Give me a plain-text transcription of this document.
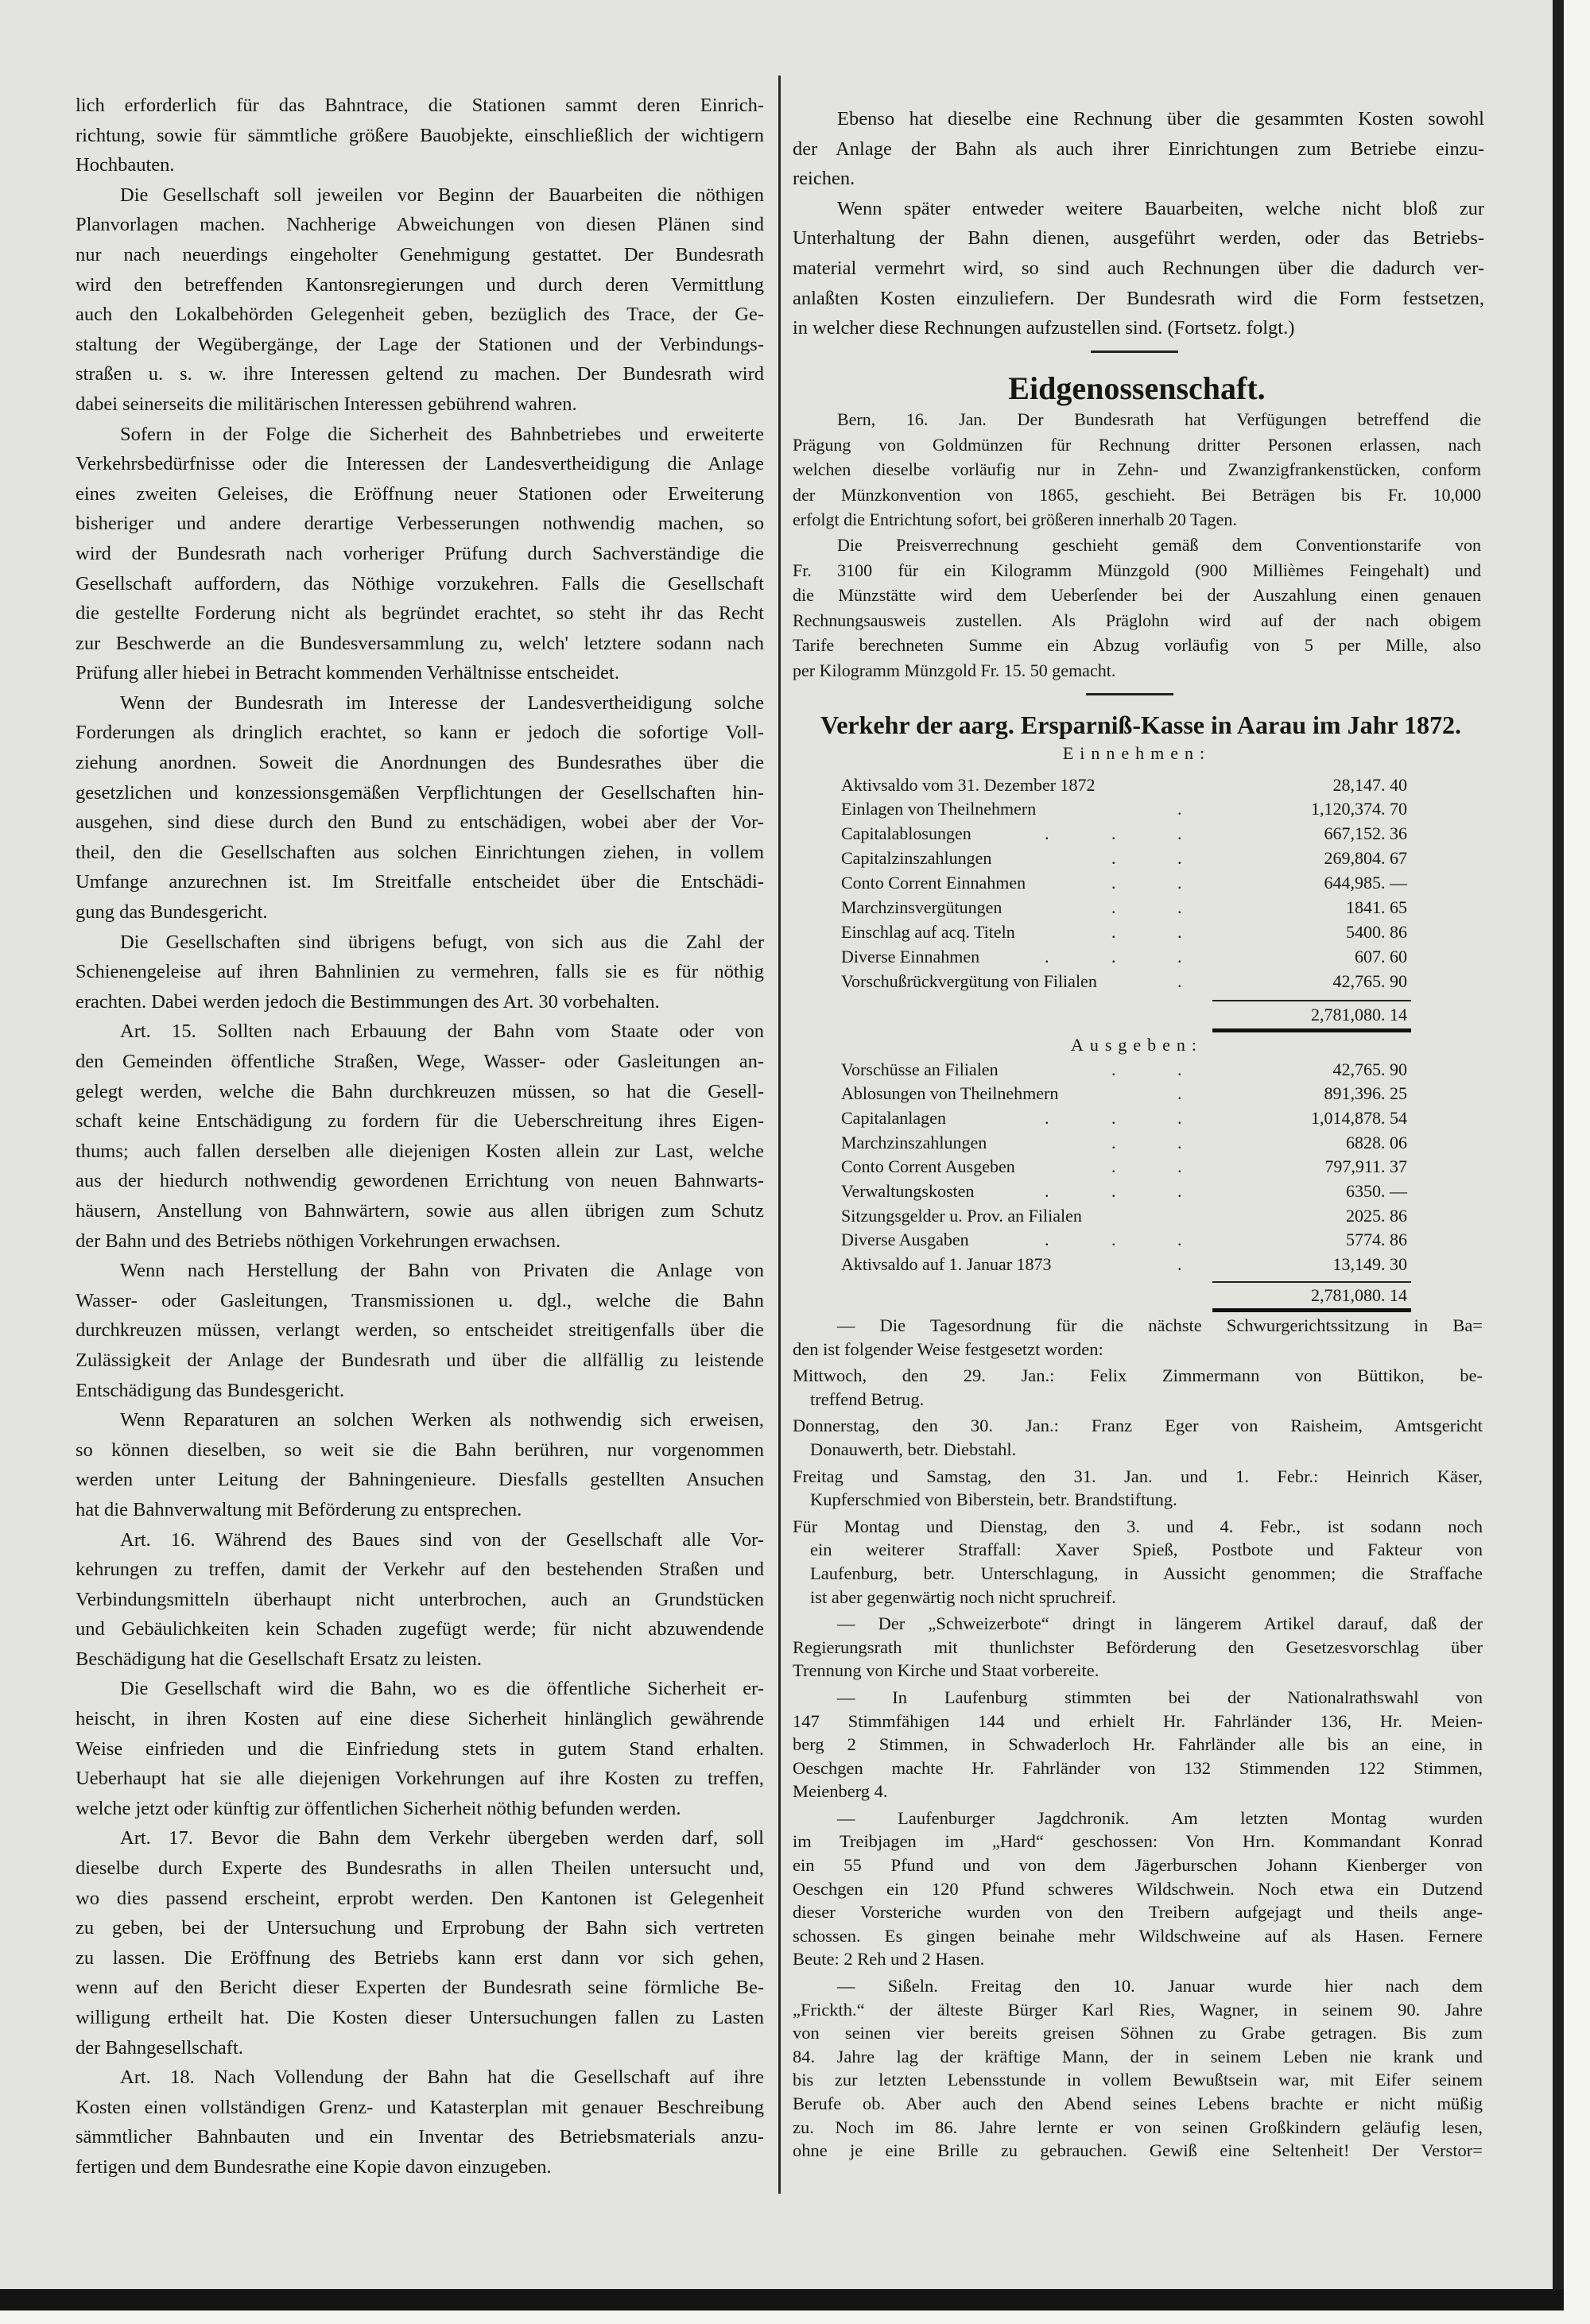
lich erforderlich für das Bahntrace, die Stationen sammt deren Einrich-
richtung, sowie für sämmtliche größere Bauobjekte, einschließlich der wichtigern
Hochbauten.
Die Gesellschaft soll jeweilen vor Beginn der Bauarbeiten die nöthigen
Planvorlagen machen. Nachherige Abweichungen von diesen Plänen sind
nur nach neuerdings eingeholter Genehmigung gestattet. Der Bundesrath
wird den betreffenden Kantonsregierungen und durch deren Vermittlung
auch den Lokalbehörden Gelegenheit geben, bezüglich des Trace, der Ge-
staltung der Wegübergänge, der Lage der Stationen und der Verbindungs-
straßen u. s. w. ihre Interessen geltend zu machen. Der Bundesrath wird
dabei seinerseits die militärischen Interessen gebührend wahren.
Sofern in der Folge die Sicherheit des Bahnbetriebes und erweiterte
Verkehrsbedürfnisse oder die Interessen der Landesvertheidigung die Anlage
eines zweiten Geleises, die Eröffnung neuer Stationen oder Erweiterung
bisheriger und andere derartige Verbesserungen nothwendig machen, so
wird der Bundesrath nach vorheriger Prüfung durch Sachverständige die
Gesellschaft auffordern, das Nöthige vorzukehren. Falls die Gesellschaft
die gestellte Forderung nicht als begründet erachtet, so steht ihr das Recht
zur Beschwerde an die Bundesversammlung zu, welch' letztere sodann nach
Prüfung aller hiebei in Betracht kommenden Verhältnisse entscheidet.
Wenn der Bundesrath im Interesse der Landesvertheidigung solche
Forderungen als dringlich erachtet, so kann er jedoch die sofortige Voll-
ziehung anordnen. Soweit die Anordnungen des Bundesrathes über die
gesetzlichen und konzessionsgemäßen Verpflichtungen der Gesellschaften hin-
ausgehen, sind diese durch den Bund zu entschädigen, wobei aber der Vor-
theil, den die Gesellschaften aus solchen Einrichtungen ziehen, in vollem
Umfange anzurechnen ist. Im Streitfalle entscheidet über die Entschädi-
gung das Bundesgericht.
Die Gesellschaften sind übrigens befugt, von sich aus die Zahl der
Schienengeleise auf ihren Bahnlinien zu vermehren, falls sie es für nöthig
erachten. Dabei werden jedoch die Bestimmungen des Art. 30 vorbehalten.
Art. 15. Sollten nach Erbauung der Bahn vom Staate oder von
den Gemeinden öffentliche Straßen, Wege, Wasser- oder Gasleitungen an-
gelegt werden, welche die Bahn durchkreuzen müssen, so hat die Gesell-
schaft keine Entschädigung zu fordern für die Ueberschreitung ihres Eigen-
thums; auch fallen derselben alle diejenigen Kosten allein zur Last, welche
aus der hiedurch nothwendig gewordenen Errichtung von neuen Bahnwarts-
häusern, Anstellung von Bahnwärtern, sowie aus allen übrigen zum Schutz
der Bahn und des Betriebs nöthigen Vorkehrungen erwachsen.
Wenn nach Herstellung der Bahn von Privaten die Anlage von
Wasser- oder Gasleitungen, Transmissionen u. dgl., welche die Bahn
durchkreuzen müssen, verlangt werden, so entscheidet streitigenfalls über die
Zulässigkeit der Anlage der Bundesrath und über die allfällig zu leistende
Entschädigung das Bundesgericht.
Wenn Reparaturen an solchen Werken als nothwendig sich erweisen,
so können dieselben, so weit sie die Bahn berühren, nur vorgenommen
werden unter Leitung der Bahningenieure. Diesfalls gestellten Ansuchen
hat die Bahnverwaltung mit Beförderung zu entsprechen.
Art. 16. Während des Baues sind von der Gesellschaft alle Vor-
kehrungen zu treffen, damit der Verkehr auf den bestehenden Straßen und
Verbindungsmitteln überhaupt nicht unterbrochen, auch an Grundstücken
und Gebäulichkeiten kein Schaden zugefügt werde; für nicht abzuwendende
Beschädigung hat die Gesellschaft Ersatz zu leisten.
Die Gesellschaft wird die Bahn, wo es die öffentliche Sicherheit er-
heischt, in ihren Kosten auf eine diese Sicherheit hinlänglich gewährende
Weise einfrieden und die Einfriedung stets in gutem Stand erhalten.
Ueberhaupt hat sie alle diejenigen Vorkehrungen auf ihre Kosten zu treffen,
welche jetzt oder künftig zur öffentlichen Sicherheit nöthig befunden werden.
Art. 17. Bevor die Bahn dem Verkehr übergeben werden darf, soll
dieselbe durch Experte des Bundesraths in allen Theilen untersucht und,
wo dies passend erscheint, erprobt werden. Den Kantonen ist Gelegenheit
zu geben, bei der Untersuchung und Erprobung der Bahn sich vertreten
zu lassen. Die Eröffnung des Betriebs kann erst dann vor sich gehen,
wenn auf den Bericht dieser Experten der Bundesrath seine förmliche Be-
willigung ertheilt hat. Die Kosten dieser Untersuchungen fallen zu Lasten
der Bahngesellschaft.
Art. 18. Nach Vollendung der Bahn hat die Gesellschaft auf ihre
Kosten einen vollständigen Grenz- und Katasterplan mit genauer Beschreibung
sämmtlicher Bahnbauten und ein Inventar des Betriebsmaterials anzu-
fertigen und dem Bundesrathe eine Kopie davon einzugeben.
Ebenso hat dieselbe eine Rechnung über die gesammten Kosten sowohl
der Anlage der Bahn als auch ihrer Einrichtungen zum Betriebe einzu-
reichen.
Wenn später entweder weitere Bauarbeiten, welche nicht bloß zur
Unterhaltung der Bahn dienen, ausgeführt werden, oder das Betriebs-
material vermehrt wird, so sind auch Rechnungen über die dadurch ver-
anlaßten Kosten einzuliefern. Der Bundesrath wird die Form festsetzen,
in welcher diese Rechnungen aufzustellen sind. (Fortsetz. folgt.)
Eidgenossenschaft.
Bern, 16. Jan. Der Bundesrath hat Verfügungen betreffend die
Prägung von Goldmünzen für Rechnung dritter Personen erlassen, nach
welchen dieselbe vorläufig nur in Zehn- und Zwanzigfrankenstücken, conform
der Münzkonvention von 1865, geschieht. Bei Beträgen bis Fr. 10,000
erfolgt die Entrichtung sofort, bei größeren innerhalb 20 Tagen.
Die Preisverrechnung geschieht gemäß dem Conventionstarife von
Fr. 3100 für ein Kilogramm Münzgold (900 Millièmes Feingehalt) und
die Münzstätte wird dem Ueberſender bei der Auszahlung einen genauen
Rechnungsausweis zustellen. Als Präglohn wird auf der nach obigem
Tarife berechneten Summe ein Abzug vorläufig von 5 per Mille, also
per Kilogramm Münzgold Fr. 15. 50 gemacht.
Verkehr der aarg. Ersparniß-Kasse in Aarau im Jahr 1872.
Einnehmen:
Aktivsaldo vom 31. Dezember 1872	28,147. 40
Einlagen von Theilnehmern	.	1,120,374. 70
Capitalablosungen	.	.	.	667,152. 36
Capitalzinszahlungen	.	.	269,804. 67
Conto Corrent Einnahmen	.	.	644,985. —
Marchzinsvergütungen	.	.	1841. 65
Einschlag auf acq. Titeln	.	.	5400. 86
Diverse Einnahmen	.	.	.	607. 60
Vorschußrückvergütung von Filialen	.	42,765. 90
2,781,080. 14
Ausgeben:
Vorschüsse an Filialen	.	.	42,765. 90
Ablosungen von Theilnehmern	.	891,396. 25
Capitalanlagen	.	.	.	1,014,878. 54
Marchzinszahlungen	.	.	6828. 06
Conto Corrent Ausgeben	.	.	797,911. 37
Verwaltungskosten	.	.	.	6350. —
Sitzungsgelder u. Prov. an Filialen	2025. 86
Diverse Ausgaben	.	.	.	5774. 86
Aktivsaldo auf 1. Januar 1873	.	13,149. 30
2,781,080. 14
— Die Tagesordnung für die nächste Schwurgerichtssitzung in Ba=
den ist folgender Weise festgesetzt worden:
Mittwoch, den 29. Jan.: Felix Zimmermann von Büttikon, be-
treffend Betrug.
Donnerstag, den 30. Jan.: Franz Eger von Raisheim, Amtsgericht
Donauwerth, betr. Diebstahl.
Freitag und Samstag, den 31. Jan. und 1. Febr.: Heinrich Käser,
Kupferschmied von Biberstein, betr. Brandstiftung.
Für Montag und Dienstag, den 3. und 4. Febr., ist sodann noch
ein weiterer Straffall: Xaver Spieß, Postbote und Fakteur von
Laufenburg, betr. Unterschlagung, in Aussicht genommen; die Straffache
ist aber gegenwärtig noch nicht spruchreif.
— Der „Schweizerbote“ dringt in längerem Artikel darauf, daß der
Regierungsrath mit thunlichster Beförderung den Gesetzesvorschlag über
Trennung von Kirche und Staat vorbereite.
— In Laufenburg stimmten bei der Nationalrathswahl von
147 Stimmfähigen 144 und erhielt Hr. Fahrländer 136, Hr. Meien-
berg 2 Stimmen, in Schwaderloch Hr. Fahrländer alle bis an eine, in
Oeschgen machte Hr. Fahrländer von 132 Stimmenden 122 Stimmen,
Meienberg 4.
— Laufenburger Jagdchronik. Am letzten Montag wurden
im Treibjagen im „Hard“ geschossen: Von Hrn. Kommandant Konrad
ein 55 Pfund und von dem Jägerburschen Johann Kienberger von
Oeschgen ein 120 Pfund schweres Wildschwein. Noch etwa ein Dutzend
dieser Vorsteriche wurden von den Treibern aufgejagt und theils ange-
schossen. Es gingen beinahe mehr Wildschweine auf als Hasen. Fernere
Beute: 2 Reh und 2 Hasen.
— Sißeln. Freitag den 10. Januar wurde hier nach dem
„Frickth.“ der älteste Bürger Karl Ries, Wagner, in seinem 90. Jahre
von seinen vier bereits greisen Söhnen zu Grabe getragen. Bis zum
84. Jahre lag der kräftige Mann, der in seinem Leben nie krank und
bis zur letzten Lebensstunde in vollem Bewußtsein war, mit Eifer seinem
Berufe ob. Aber auch den Abend seines Lebens brachte er nicht müßig
zu. Noch im 86. Jahre lernte er von seinen Großkindern geläufig lesen,
ohne je eine Brille zu gebrauchen. Gewiß eine Seltenheit! Der Verstor=
